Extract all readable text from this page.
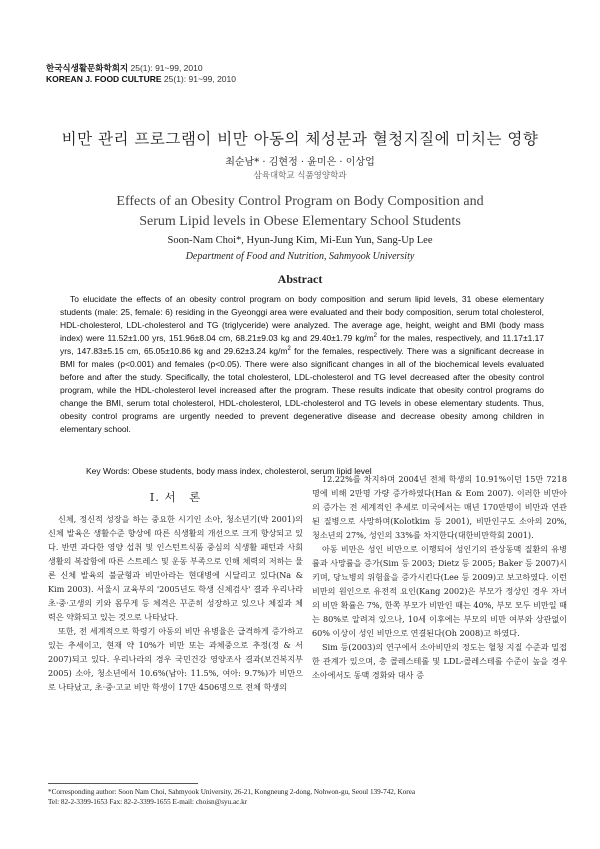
한국식생활문화학회지 25(1): 91~99, 2010
KOREAN J. FOOD CULTURE 25(1): 91~99, 2010
비만 관리 프로그램이 비만 아동의 체성분과 혈청지질에 미치는 영향
최순남* · 김현정 · 윤미은 · 이상업
삼육대학교 식품영양학과
Effects of an Obesity Control Program on Body Composition and
Serum Lipid levels in Obese Elementary School Students
Soon-Nam Choi*, Hyun-Jung Kim, Mi-Eun Yun, Sang-Up Lee
Department of Food and Nutrition, Sahmyook University
Abstract

To elucidate the effects of an obesity control program on body composition and serum lipid levels, 31 obese elementary students (male: 25, female: 6) residing in the Gyeonggi area were evaluated and their body composition, serum total cholesterol, HDL-cholesterol, LDL-cholesterol and TG (triglyceride) were analyzed. The average age, height, weight and BMI (body mass index) were 11.52±1.00 yrs, 151.96±8.04 cm, 68.21±9.03 kg and 29.40±1.79 $kg/m^2$ for the males, respectively, and 11.17±1.17 yrs, 147.83±5.15 cm, 65.05±10.86 kg and 29.62±3.24 $kg/m^2$ for the females, respectively. There was a significant decrease in BMI for males (p<0.001) and females (p<0.05). There were also significant changes in all of the biochemical levels evaluated before and after the study. Specifically, the total cholesterol, LDL-cholesterol and TG level decreased after the obesity control program, while the HDL-cholesterol level increased after the program. These results indicate that obesity control programs do change the BMI, serum total cholesterol, HDL-cholesterol, LDL-cholesterol and TG levels in obese elementary students. Thus, obesity control programs are urgently needed to prevent degenerative disease and decrease obesity among children in elementary school.

Key Words: Obese students, body mass index, cholesterol, serum lipid level
Ⅰ. 서　론

신체, 정신적 성장을 하는 중요한 시기인 소아, 청소년기(박 2001)의 신체 발육은 생활수준 향상에 따른 식생활의 개선으로 크게 향상되고 있다. 반면 과다한 영양 섭취 및 인스턴트식품 중심의 식생활 패턴과 사회생활의 복잡함에 따른 스트레스 및 운동 부족으로 인해 체력의 저하는 물론 신체 발육의 불균형과 비만아라는 현대병에 시달리고 있다(Na & Kim 2003). 서울시 교육부의 '2005년도 학생 신체검사' 결과 우리나라 초·중·고생의 키와 몸무게 등 체격은 꾸준히 성장하고 있으나 체질과 체력은 약화되고 있는 것으로 나타났다.

또한, 전 세계적으로 학령기 아동의 비만 유병율은 급격하게 증가하고 있는 추세이고, 현재 약 10%가 비만 또는 과체중으로 추정(정 & 서 2007)되고 있다. 우리나라의 경우 국민건강 영양조사 결과(보건복지부 2005) 소아, 청소년에서 10.6%(남아: 11.5%, 여아: 9.7%)가 비만으로 나타났고, 초·중·고교 비만 학생이 17만 4506명으로 전체 학생의

12.22%를 차지하며 2004년 전체 학생의 10.91%이던 15만 7218명에 비해 2만명 가량 증가하였다(Han & Eom 2007). 이러한 비만아의 증가는 전 세계적인 추세로 미국에서는 매년 170만명이 비만과 연관된 질병으로 사망하며(Kolotkim 등 2001), 비만인구도 소아의 20%, 청소년의 27%, 성인의 33%를 차지한다(대한비만학회 2001).

아동 비만은 성인 비만으로 이행되어 성인기의 관상동맥 질환의 유병률과 사망률을 증가(Sim 등 2003; Dietz 등 2005; Baker 등 2007)시키며, 당뇨병의 위험율을 증가시킨다(Lee 등 2009)고 보고하였다. 이런 비만의 원인으로 유전적 요인(Kang 2002)은 부모가 정상인 경우 자녀의 비만 확률은 7%, 한쪽 부모가 비만인 때는 40%, 부모 모두 비만일 때는 80%로 알려져 있으나, 10세 이후에는 부모의 비만 여부와 상관없이 60% 이상이 성인 비만으로 연결된다(Oh 2008)고 하였다.

Sim 등(2003)의 연구에서 소아비만의 정도는 혈청 지질 수준과 밀접한 관계가 있으며, 총 콜레스테롤 및 LDL-콜레스테롤 수준이 높을 경우 소아에서도 동맥 경화와 대사 증

*Corresponding author: Soon Nam Choi, Sahmyook University, 26-21, Kongneung 2-dong, Nohwon-gu, Seoul 139-742, Korea
Tel: 82-2-3399-1653 Fax: 82-2-3399-1655 E-mail: choisn@syu.ac.kr
